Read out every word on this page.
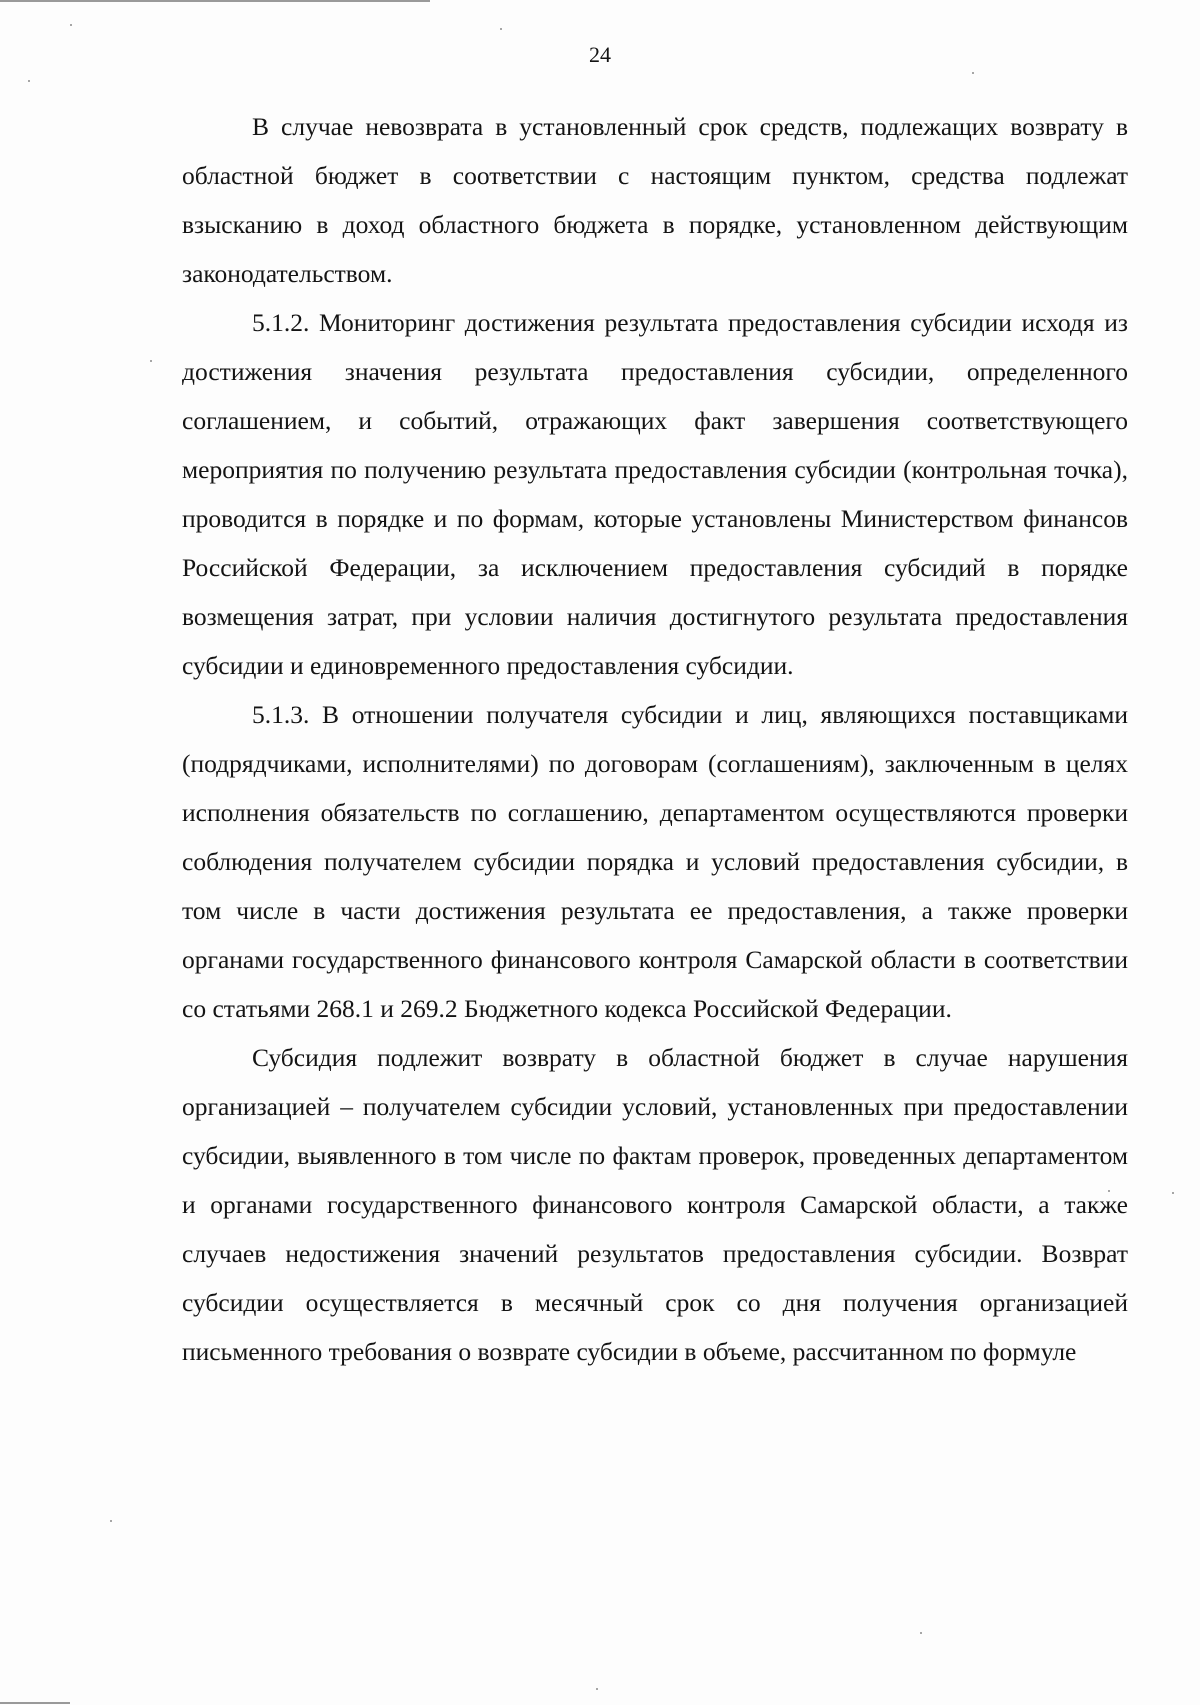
24

В случае невозврата в установленный срок средств, подлежащих возврату в областной бюджет в соответствии с настоящим пунктом, средства подлежат взысканию в доход областного бюджета в порядке, установленном действующим законодательством.

5.1.2. Мониторинг достижения результата предоставления субсидии исходя из достижения значения результата предоставления субсидии, определенного соглашением, и событий, отражающих факт завершения соответствующего мероприятия по получению результата предоставления субсидии (контрольная точка), проводится в порядке и по формам, которые установлены Министерством финансов Российской Федерации, за исключением предоставления субсидий в порядке возмещения затрат, при условии наличия достигнутого результата предоставления субсидии и единовременного предоставления субсидии.

5.1.3. В отношении получателя субсидии и лиц, являющихся поставщиками (подрядчиками, исполнителями) по договорам (соглашениям), заключенным в целях исполнения обязательств по соглашению, департаментом осуществляются проверки соблюдения получателем субсидии порядка и условий предоставления субсидии, в том числе в части достижения результата ее предоставления, а также проверки органами государственного финансового контроля Самарской области в соответствии со статьями 268.1 и 269.2 Бюджетного кодекса Российской Федерации.

Субсидия подлежит возврату в областной бюджет в случае нарушения организацией – получателем субсидии условий, установленных при предоставлении субсидии, выявленного в том числе по фактам проверок, проведенных департаментом и органами государственного финансового контроля Самарской области, а также случаев недостижения значений результатов предоставления субсидии. Возврат субсидии осуществляется в месячный срок со дня получения организацией письменного требования о возврате субсидии в объеме, рассчитанном по формуле
